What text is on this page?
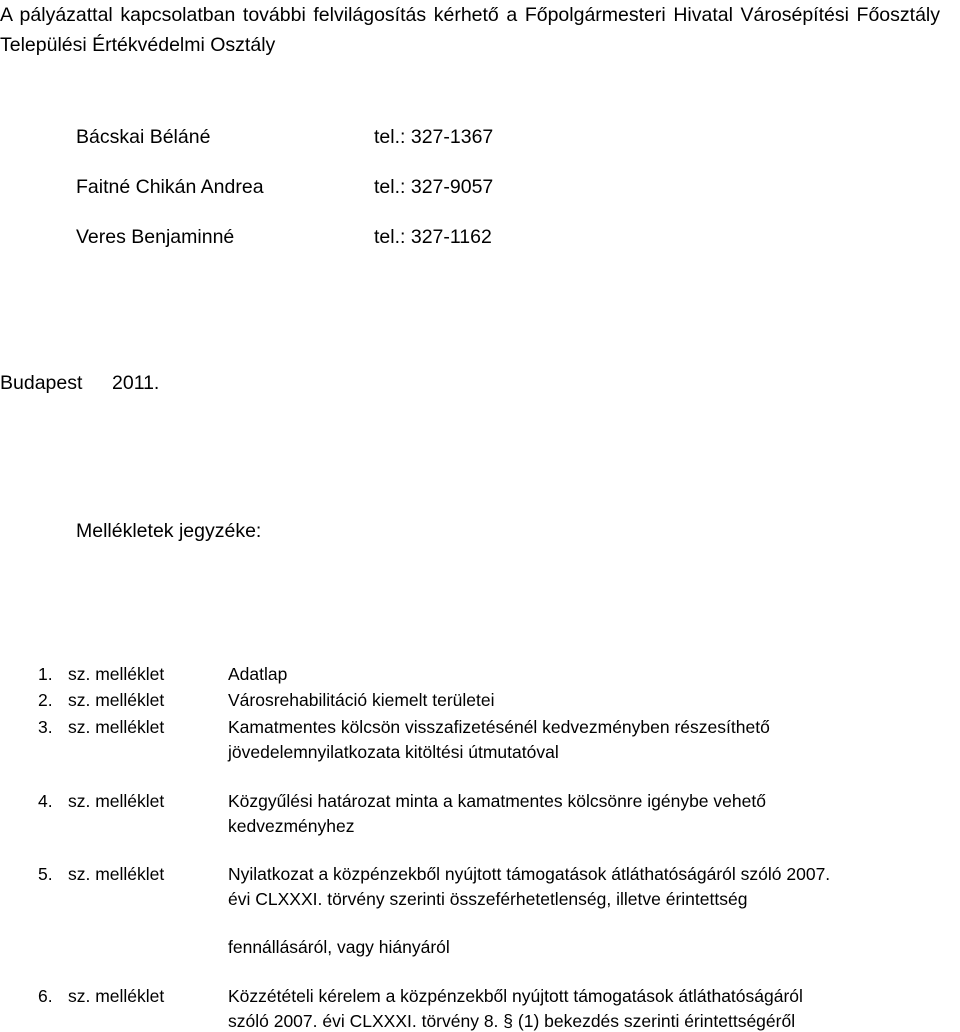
A pályázattal kapcsolatban további felvilágosítás kérhető a Főpolgármesteri Hivatal Városépítési Főosztály Települési Értékvédelmi Osztály
Bácskai Béláné	tel.: 327-1367
Faitné Chikán Andrea	tel.: 327-9057
Veres Benjaminné	tel.: 327-1162
Budapest 2011.
Mellékletek jegyzéke:
1. sz. melléklet	Adatlap
2. sz. melléklet	Városrehabilitáció kiemelt területei
3. sz. melléklet	Kamatmentes kölcsön visszafizetésénél kedvezményben részesíthető
jövedelemnyilatkozata kitöltési útmutatóval
4. sz. melléklet	Közgyűlési határozat minta a kamatmentes kölcsönre igénybe vehető
kedvezményhez
5. sz. melléklet	Nyilatkozat a közpénzekből nyújtott támogatások átláthatóságáról szóló 2007.
évi CLXXXI. törvény szerinti összeférhetetlenség, illetve érintettség
fennállásáról, vagy hiányáról
6. sz. melléklet	Közzétételi kérelem a közpénzekből nyújtott támogatások átláthatóságáról
szóló 2007. évi CLXXXI. törvény 8. § (1) bekezdés szerinti érintettségéről
